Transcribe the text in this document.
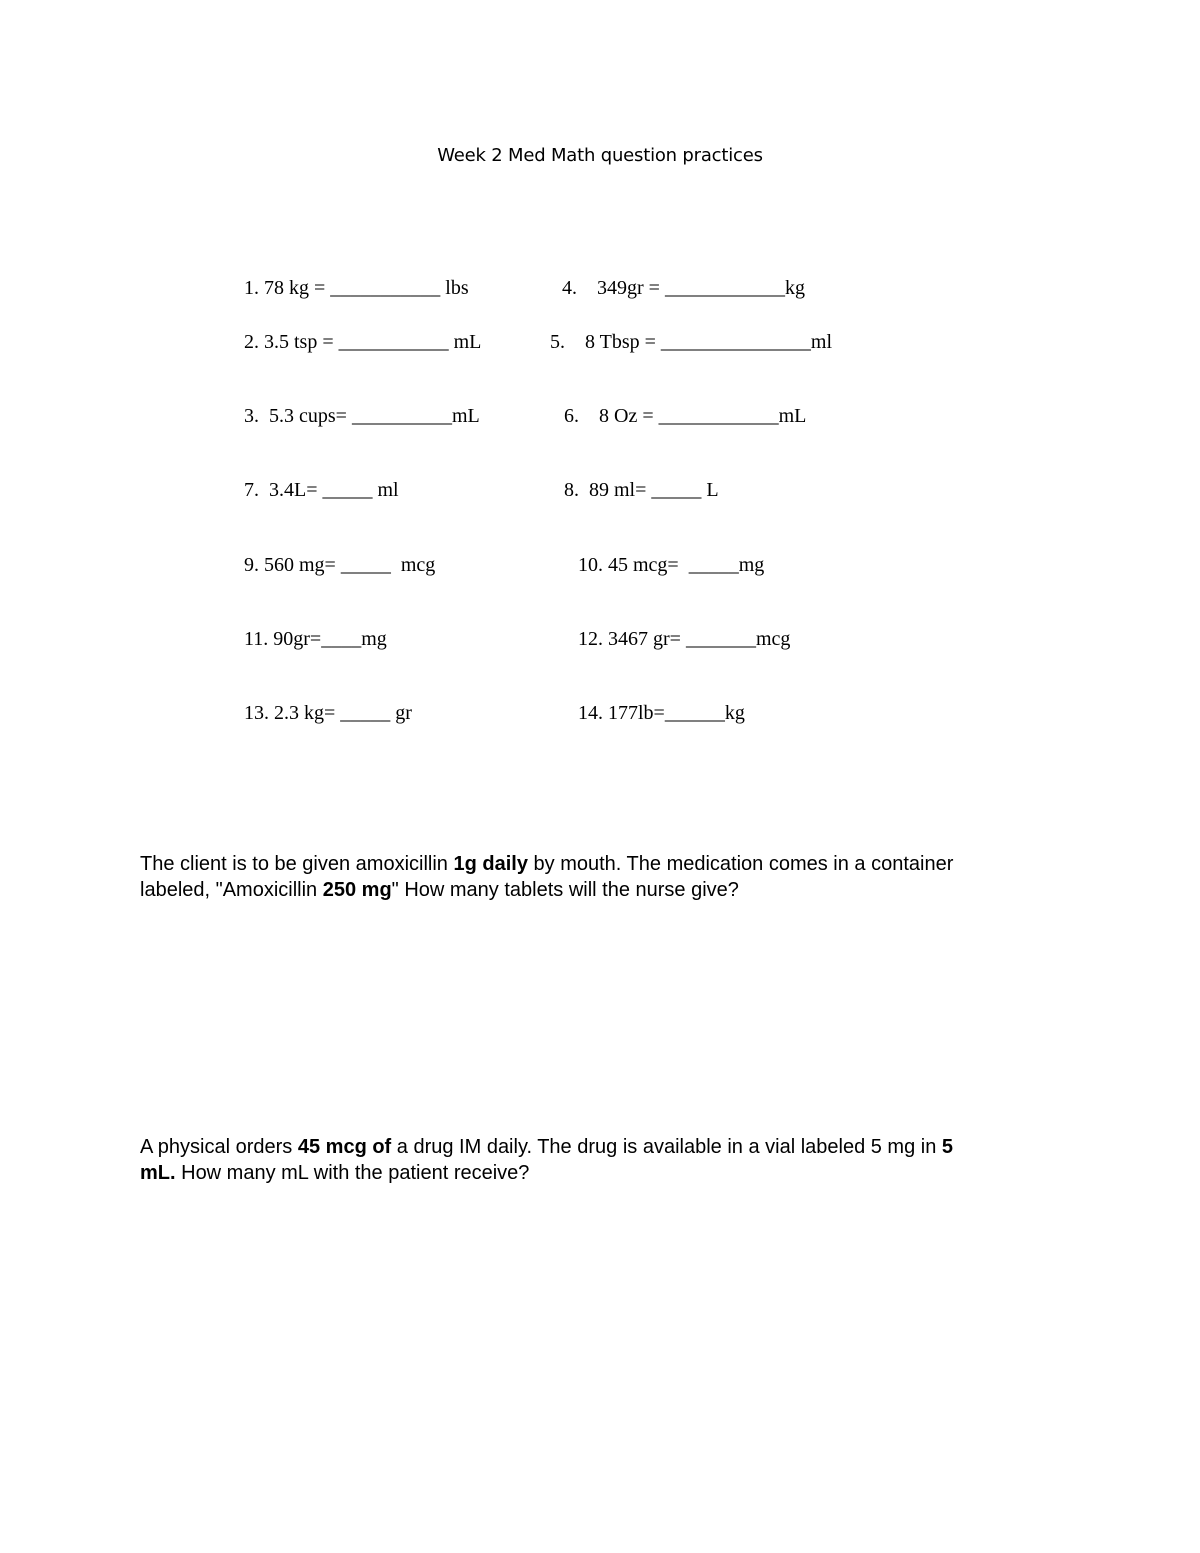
Week 2 Med Math question practices
1. 78 kg = ___________ lbs	4.    349gr = ____________kg
2. 3.5 tsp = ___________ mL	5.    8 Tbsp = _______________ml
3.  5.3 cups= __________mL	6.    8 Oz = ____________mL
7.  3.4L= _____ ml	8.  89 ml= _____ L
9. 560 mg= _____  mcg	10. 45 mcg=  _____mg
11. 90gr=____mg	12. 3467 gr= _______mcg
13. 2.3 kg= _____ gr	14. 177lb=______kg
The client is to be given amoxicillin 1g daily by mouth. The medication comes in a container
labeled, "Amoxicillin 250 mg" How many tablets will the nurse give?
A physical orders 45 mcg of a drug IM daily. The drug is available in a vial labeled 5 mg in 5
mL. How many mL with the patient receive?
